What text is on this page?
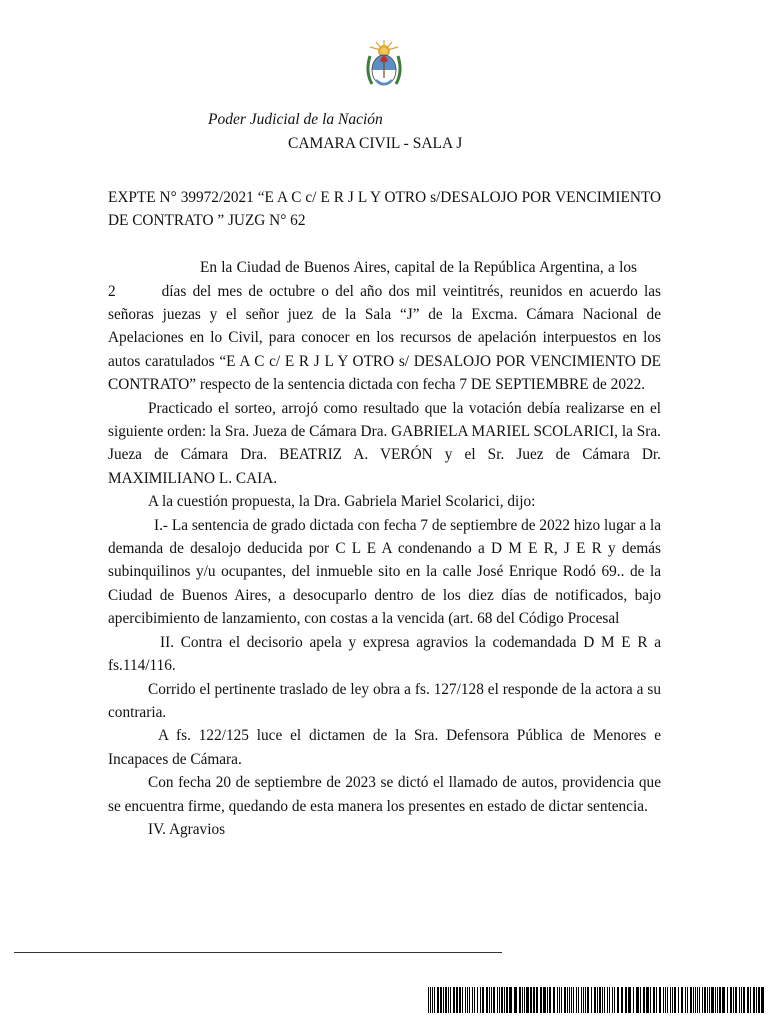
Poder Judicial de la Nación
CAMARA CIVIL - SALA J

EXPTE N° 39972/2021 “E A C c/ E R J L Y OTRO s/DESALOJO POR VENCIMIENTO DE CONTRATO ” JUZG N° 62

En la Ciudad de Buenos Aires, capital de la República Argentina, a los2	días del mes de octubre o del año dos mil veintitrés, reunidos en acuerdo las señoras juezas y el señor juez de la Sala “J” de la Excma. Cámara Nacional de Apelaciones en lo Civil, para conocer en los recursos de apelación interpuestos en los autos caratulados “E A C c/ E R J L Y OTRO s/ DESALOJO POR VENCIMIENTO DE CONTRATO” respecto de la sentencia dictada con fecha 7 DE SEPTIEMBRE de 2022.

Practicado el sorteo, arrojó como resultado que la votación debía realizarse en el siguiente orden: la Sra. Jueza de Cámara Dra. GABRIELA MARIEL SCOLARICI, la Sra. Jueza de Cámara Dra. BEATRIZ A. VERÓN y el Sr. Juez de Cámara Dr. MAXIMILIANO L. CAIA.

A la cuestión propuesta, la Dra. Gabriela Mariel Scolarici, dijo:

I.- La sentencia de grado dictada con fecha 7 de septiembre de 2022 hizo lugar a la demanda de desalojo deducida por C L E A condenando a D M E R, J E R y demás subinquilinos y/u ocupantes, del inmueble sito en la calle José Enrique Rodó 69.. de la Ciudad de Buenos Aires, a desocuparlo dentro de los diez días de notificados, bajo apercibimiento de lanzamiento, con costas a la vencida (art. 68 del Código Procesal

II. Contra el decisorio apela y expresa agravios la codemandada D M E R a fs.114/116.

Corrido el pertinente traslado de ley obra a fs. 127/128 el responde de la actora a su contraria.

A fs. 122/125 luce el dictamen de la Sra. Defensora Pública de Menores e Incapaces de Cámara.

Con fecha 20 de septiembre de 2023 se dictó el llamado de autos, providencia que se encuentra firme, quedando de esta manera los presentes en estado de dictar sentencia.

IV. Agravios
